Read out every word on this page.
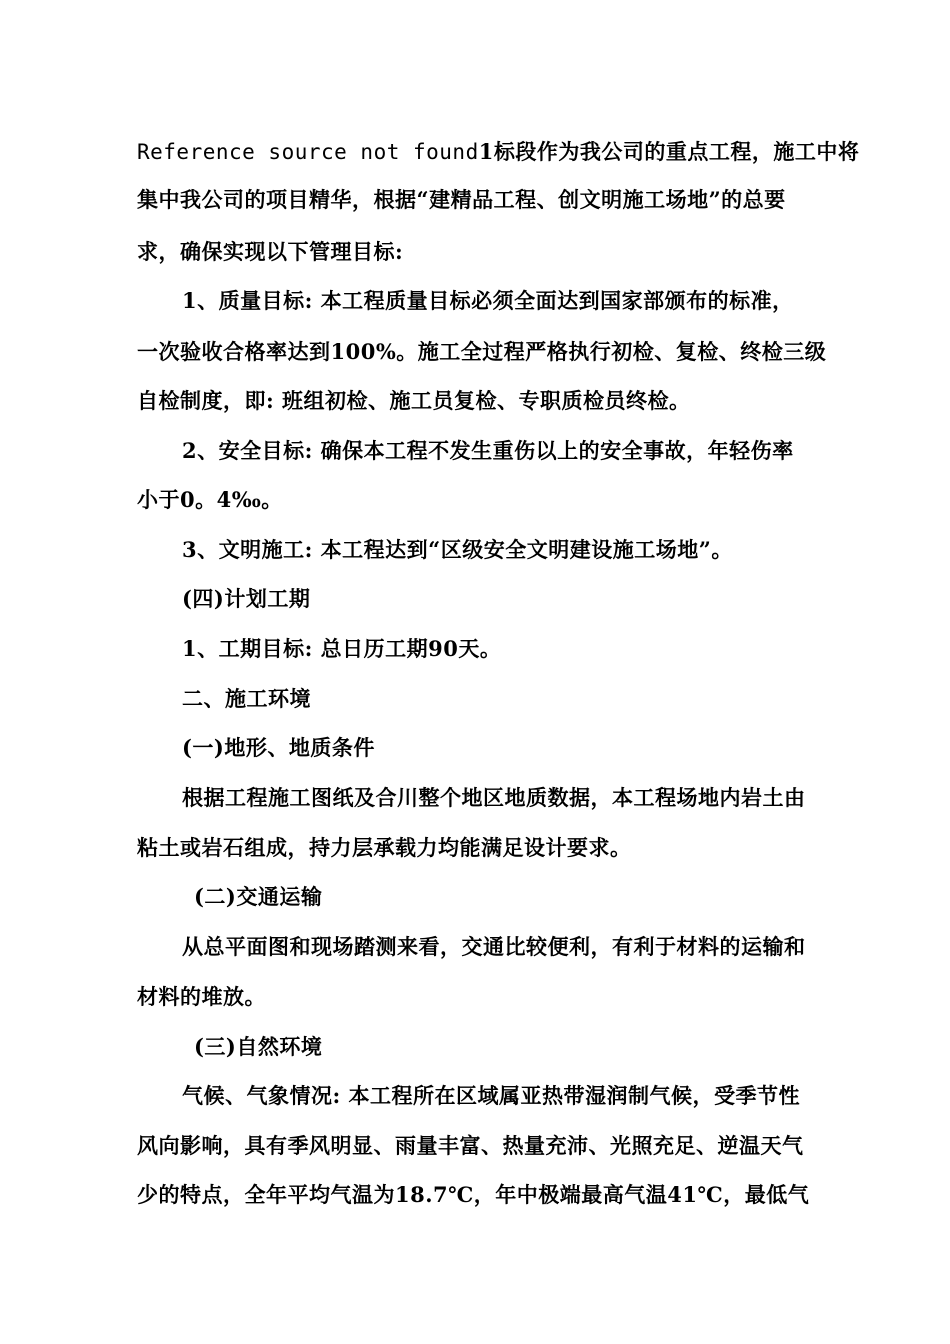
Reference source not found1标段作为我公司的重点工程，施工中将
集中我公司的项目精华，根据“建精品工程、创文明施工场地”的总要
求，确保实现以下管理目标:
1、质量目标: 本工程质量目标必须全面达到国家部颁布的标准，
一次验收合格率达到100%。施工全过程严格执行初检、复检、终检三级
自检制度，即: 班组初检、施工员复检、专职质检员终检。
2、安全目标: 确保本工程不发生重伤以上的安全事故，年轻伤率
小于0。4‰。
3、文明施工: 本工程达到“区级安全文明建设施工场地”。
(四)计划工期
1、工期目标: 总日历工期90天。
二、施工环境
(一)地形、地质条件
根据工程施工图纸及合川整个地区地质数据，本工程场地内岩土由
粘土或岩石组成，持力层承载力均能满足设计要求。
(二)交通运输
从总平面图和现场踏测来看，交通比较便利，有利于材料的运输和
材料的堆放。
(三)自然环境
气候、气象情况: 本工程所在区域属亚热带湿润制气候，受季节性
风向影响，具有季风明显、雨量丰富、热量充沛、光照充足、逆温天气
少的特点，全年平均气温为18.7℃，年中极端最高气温41℃，最低气
